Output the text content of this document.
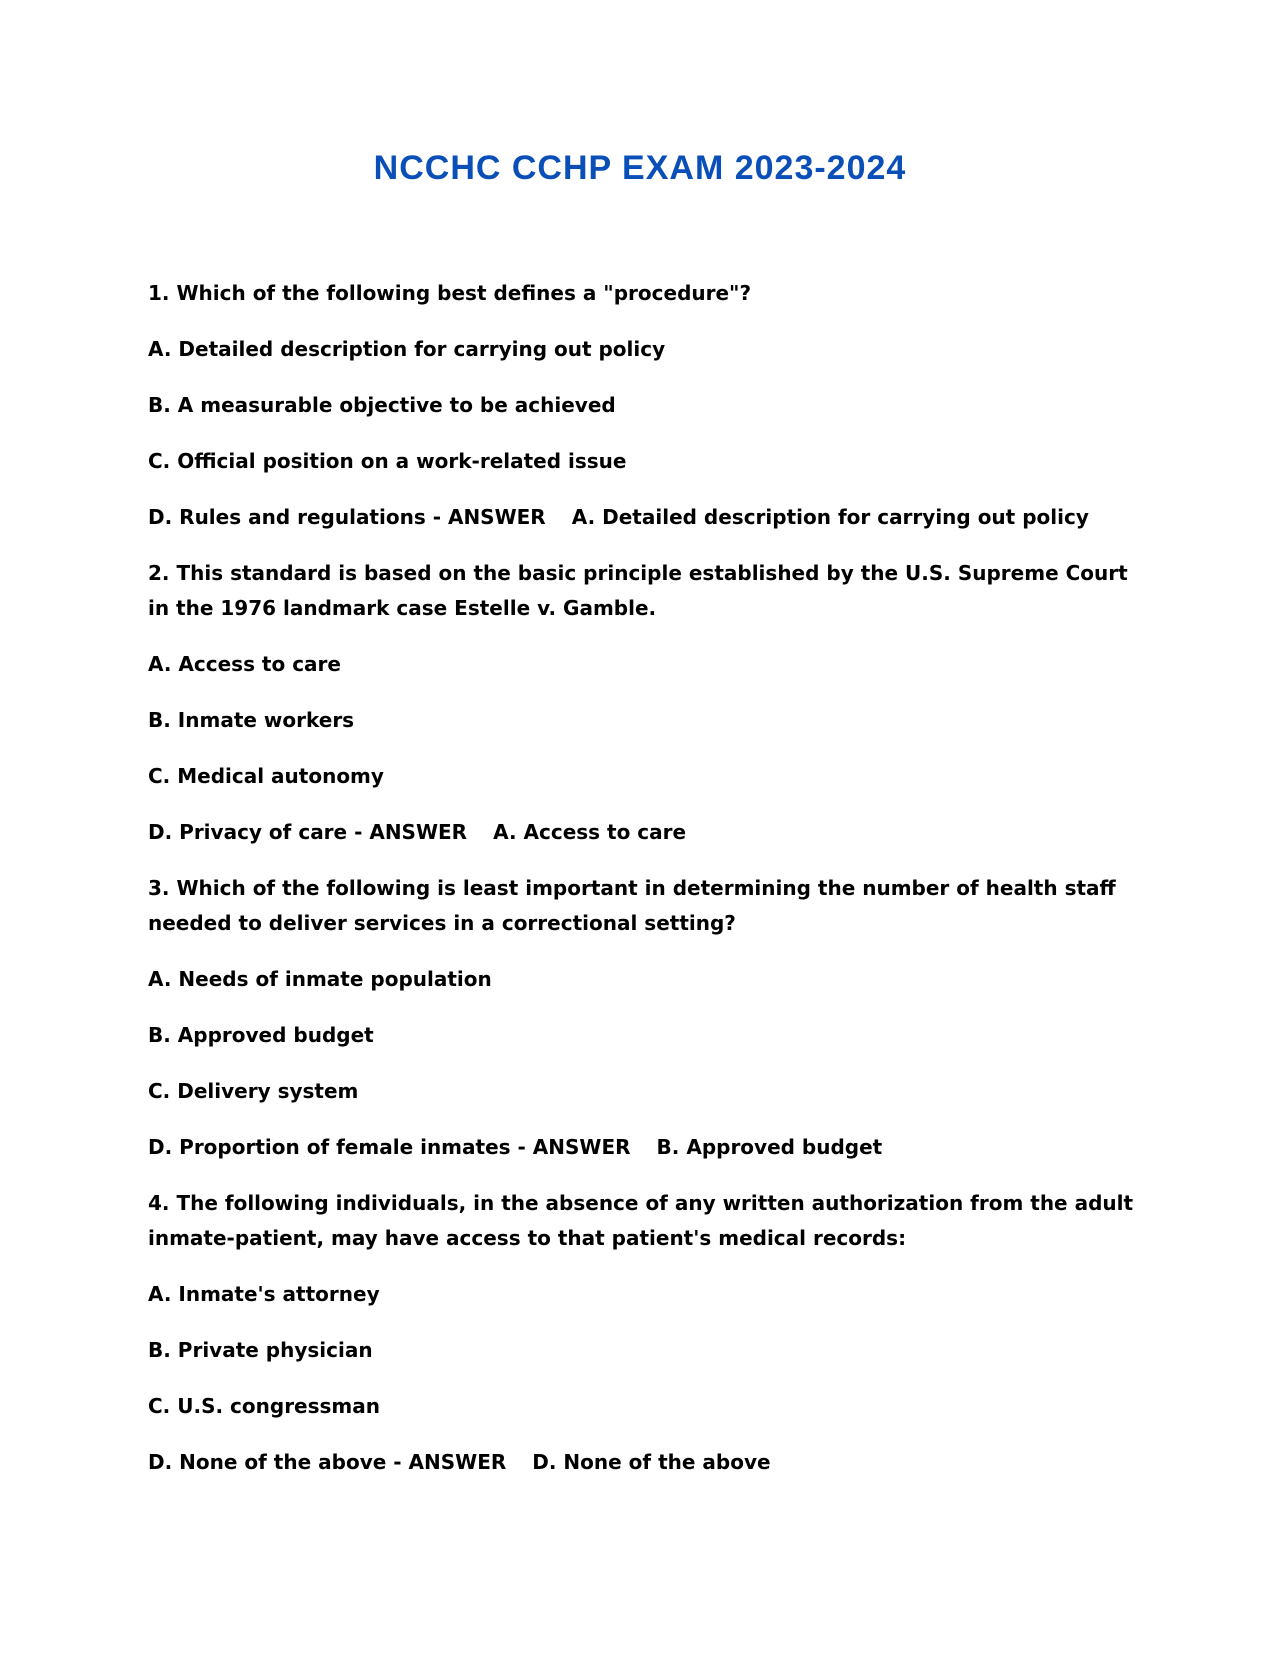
NCCHC CCHP EXAM 2023-2024

1. Which of the following best defines a "procedure"?

A. Detailed description for carrying out policy

B. A measurable objective to be achieved

C. Official position on a work-related issue

D. Rules and regulations - ANSWER A. Detailed description for carrying out policy

2. This standard is based on the basic principle established by the U.S. Supreme Court in the 1976 landmark case Estelle v. Gamble.

A. Access to care

B. Inmate workers

C. Medical autonomy

D. Privacy of care - ANSWER A. Access to care

3. Which of the following is least important in determining the number of health staff needed to deliver services in a correctional setting?

A. Needs of inmate population

B. Approved budget

C. Delivery system

D. Proportion of female inmates - ANSWER B. Approved budget

4. The following individuals, in the absence of any written authorization from the adult inmate-patient, may have access to that patient's medical records:

A. Inmate's attorney

B. Private physician

C. U.S. congressman

D. None of the above - ANSWER D. None of the above
